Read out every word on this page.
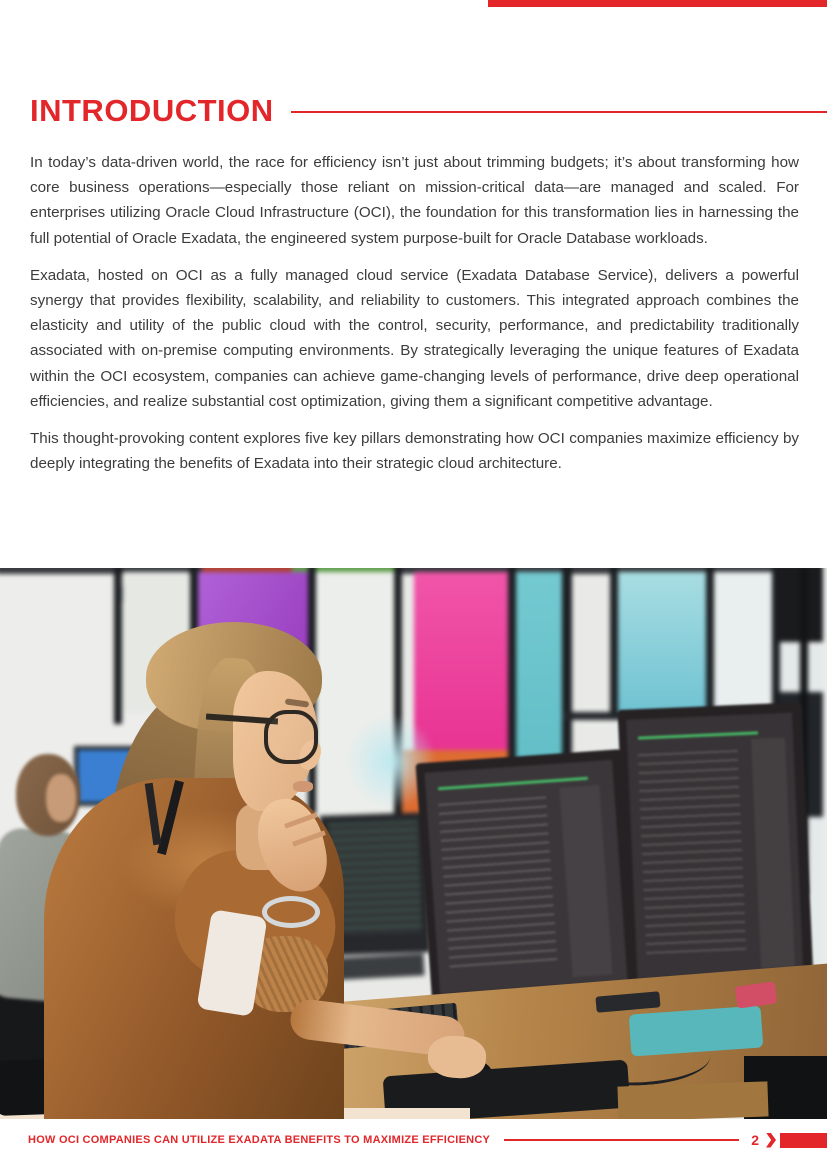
INTRODUCTION

In today’s data-driven world, the race for efficiency isn’t just about trimming budgets; it’s about transforming how core business operations—especially those reliant on mission-critical data—are managed and scaled. For enterprises utilizing Oracle Cloud Infrastructure (OCI), the foundation for this transformation lies in harnessing the full potential of Oracle Exadata, the engineered system purpose-built for Oracle Database workloads.

Exadata, hosted on OCI as a fully managed cloud service (Exadata Database Service), delivers a powerful synergy that provides flexibility, scalability, and reliability to customers. This integrated approach combines the elasticity and utility of the public cloud with the control, security, performance, and predictability traditionally associated with on-premise computing environments. By strategically leveraging the unique features of Exadata within the OCI ecosystem, companies can achieve game-changing levels of performance, drive deep operational efficiencies, and realize substantial cost optimization, giving them a significant competitive advantage.

This thought-provoking content explores five key pillars demonstrating how OCI companies maximize efficiency by deeply integrating the benefits of Exadata into their strategic cloud architecture.

HOW OCI COMPANIES CAN UTILIZE EXADATA BENEFITS TO MAXIMIZE EFFICIENCY	2
